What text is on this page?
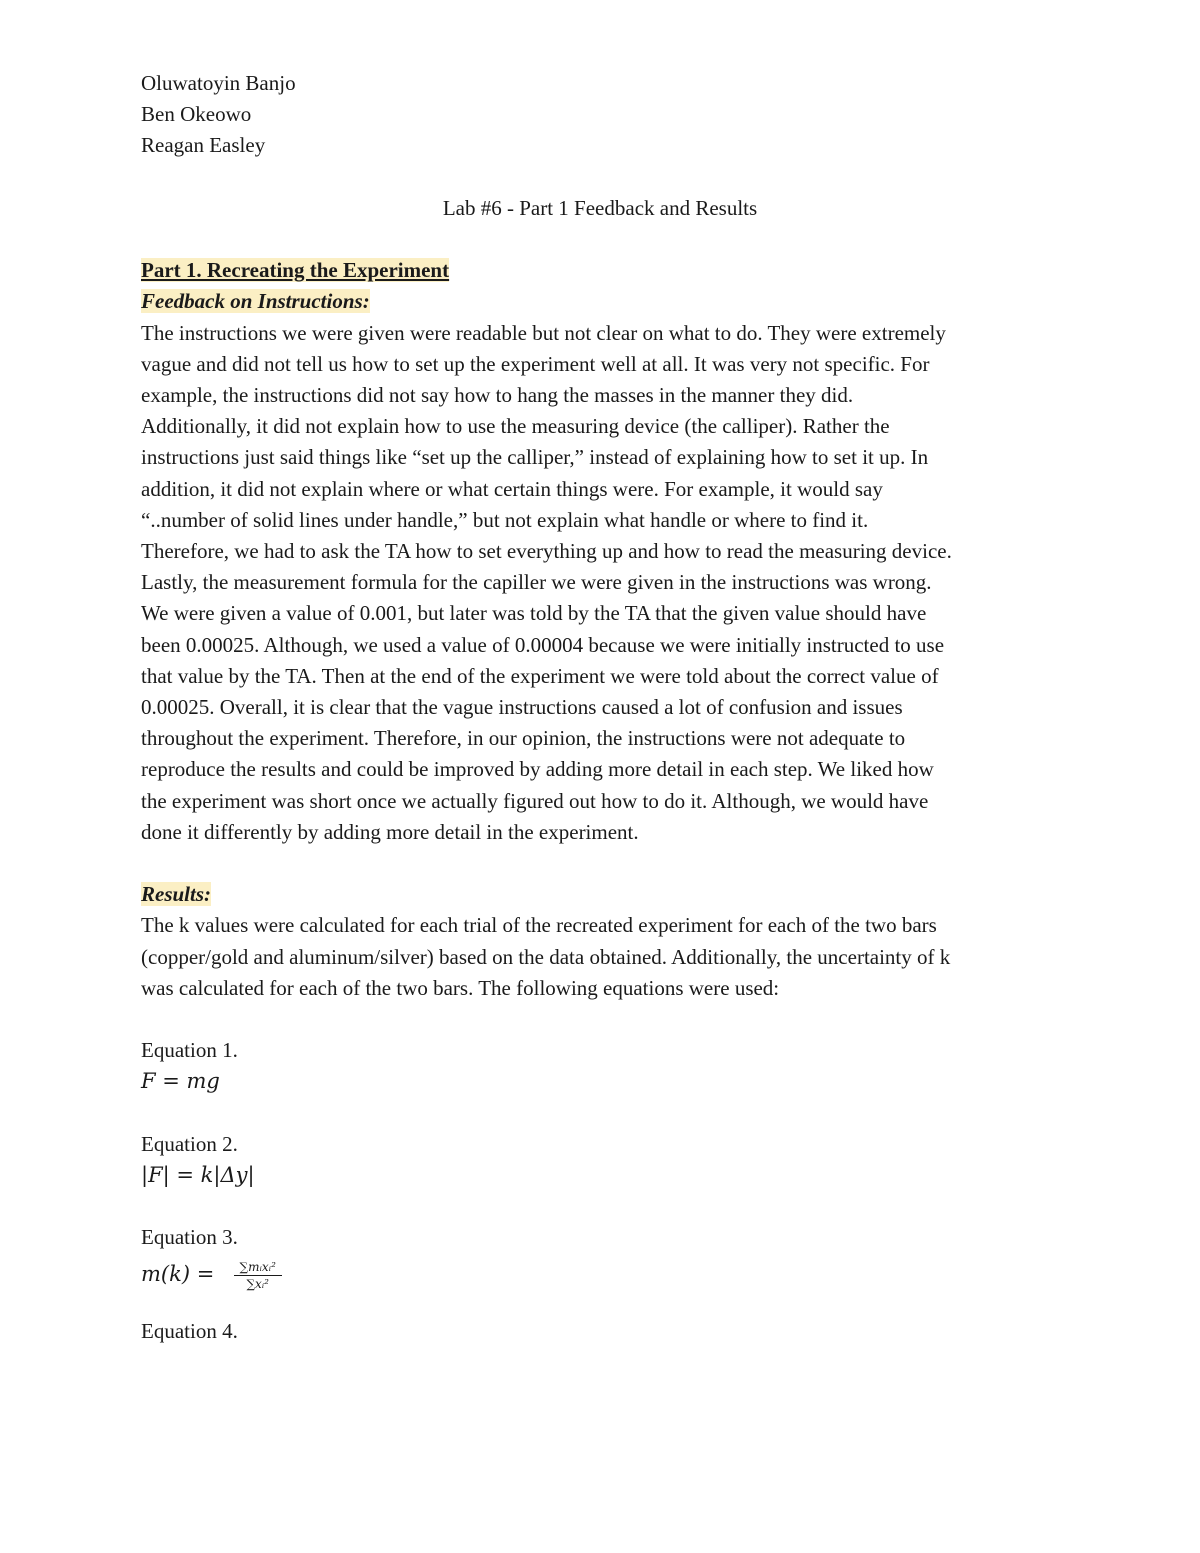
Oluwatoyin Banjo
Ben Okeowo
Reagan Easley
Lab #6 - Part 1 Feedback and Results
Part 1. Recreating the Experiment
Feedback on Instructions:
The instructions we were given were readable but not clear on what to do. They were extremely
vague and did not tell us how to set up the experiment well at all. It was very not specific. For
example, the instructions did not say how to hang the masses in the manner they did.
Additionally, it did not explain how to use the measuring device (the calliper). Rather the
instructions just said things like “set up the calliper,” instead of explaining how to set it up. In
addition, it did not explain where or what certain things were. For example, it would say
“..number of solid lines under handle,” but not explain what handle or where to find it.
Therefore, we had to ask the TA how to set everything up and how to read the measuring device.
Lastly, the measurement formula for the capiller we were given in the instructions was wrong.
We were given a value of 0.001, but later was told by the TA that the given value should have
been 0.00025. Although, we used a value of 0.00004 because we were initially instructed to use
that value by the TA. Then at the end of the experiment we were told about the correct value of
0.00025. Overall, it is clear that the vague instructions caused a lot of confusion and issues
throughout the experiment. Therefore, in our opinion, the instructions were not adequate to
reproduce the results and could be improved by adding more detail in each step. We liked how
the experiment was short once we actually figured out how to do it. Although, we would have
done it differently by adding more detail in the experiment.
Results:
The k values were calculated for each trial of the recreated experiment for each of the two bars
(copper/gold and aluminum/silver) based on the data obtained. Additionally, the uncertainty of k
was calculated for each of the two bars. The following equations were used:
Equation 1.
F = mg
Equation 2.
|F| = k|Δy|
Equation 3.
$m(k) = \frac{\text{∑mᵢxᵢ²}}{\text{∑xᵢ²}}$
Equation 4.
